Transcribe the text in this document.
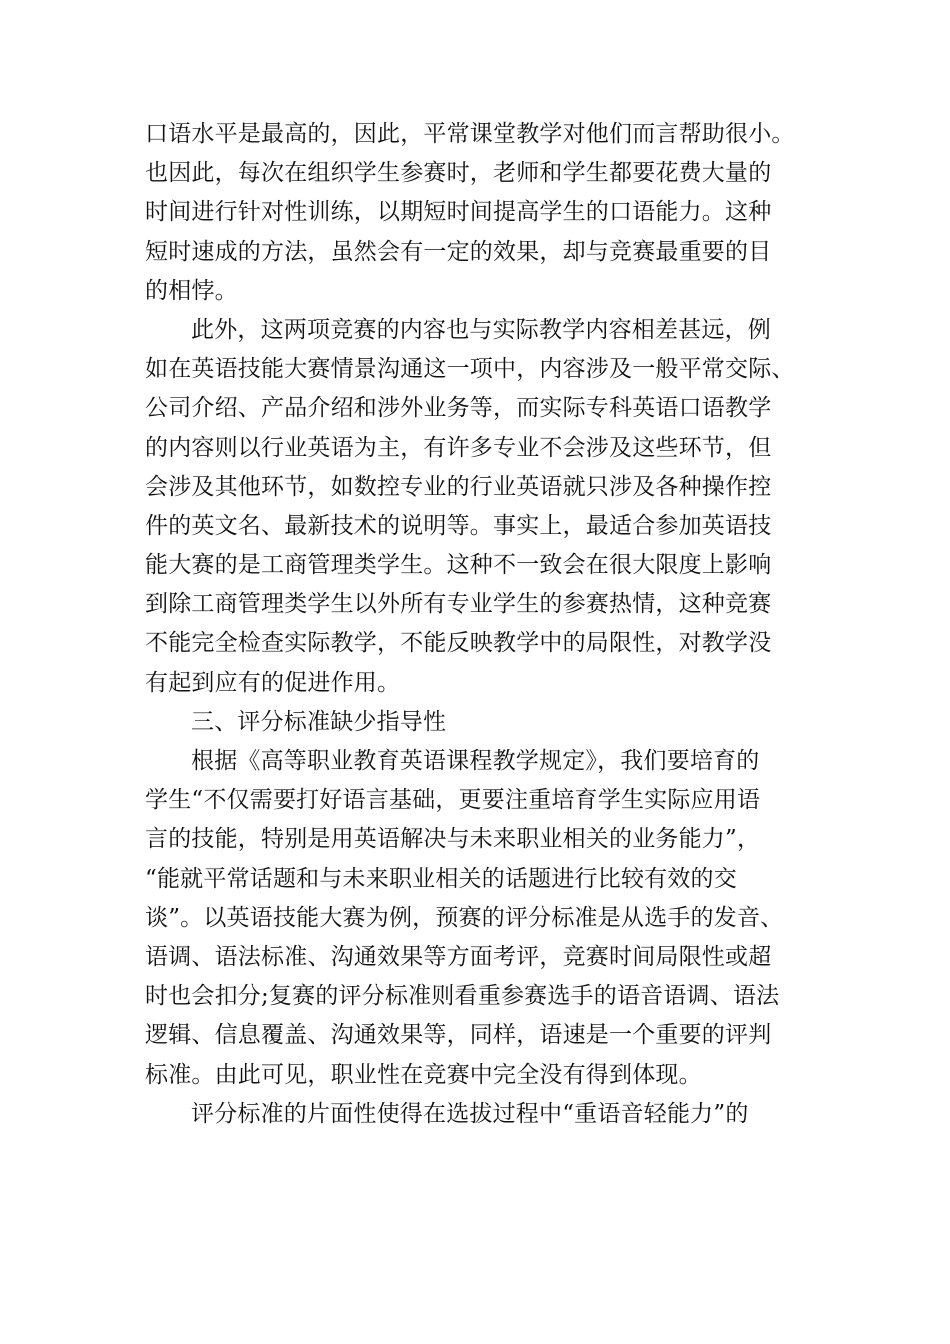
口语水平是最高的，因此，平常课堂教学对他们而言帮助很小。
也因此，每次在组织学生参赛时，老师和学生都要花费大量的
时间进行针对性训练，以期短时间提高学生的口语能力。这种
短时速成的方法，虽然会有一定的效果，却与竞赛最重要的目
的相悖。
此外，这两项竞赛的内容也与实际教学内容相差甚远，例
如在英语技能大赛情景沟通这一项中，内容涉及一般平常交际、
公司介绍、产品介绍和涉外业务等，而实际专科英语口语教学
的内容则以行业英语为主，有许多专业不会涉及这些环节，但
会涉及其他环节，如数控专业的行业英语就只涉及各种操作控
件的英文名、最新技术的说明等。事实上，最适合参加英语技
能大赛的是工商管理类学生。这种不一致会在很大限度上影响
到除工商管理类学生以外所有专业学生的参赛热情，这种竞赛
不能完全检查实际教学，不能反映教学中的局限性，对教学没
有起到应有的促进作用。
三、评分标准缺少指导性
根据《高等职业教育英语课程教学规定》，我们要培育的
学生“不仅需要打好语言基础，更要注重培育学生实际应用语
言的技能，特别是用英语解决与未来职业相关的业务能力”，
“能就平常话题和与未来职业相关的话题进行比较有效的交
谈”。以英语技能大赛为例，预赛的评分标准是从选手的发音、
语调、语法标准、沟通效果等方面考评，竞赛时间局限性或超
时也会扣分;复赛的评分标准则看重参赛选手的语音语调、语法
逻辑、信息覆盖、沟通效果等，同样，语速是一个重要的评判
标准。由此可见，职业性在竞赛中完全没有得到体现。
评分标准的片面性使得在选拔过程中“重语音轻能力”的
